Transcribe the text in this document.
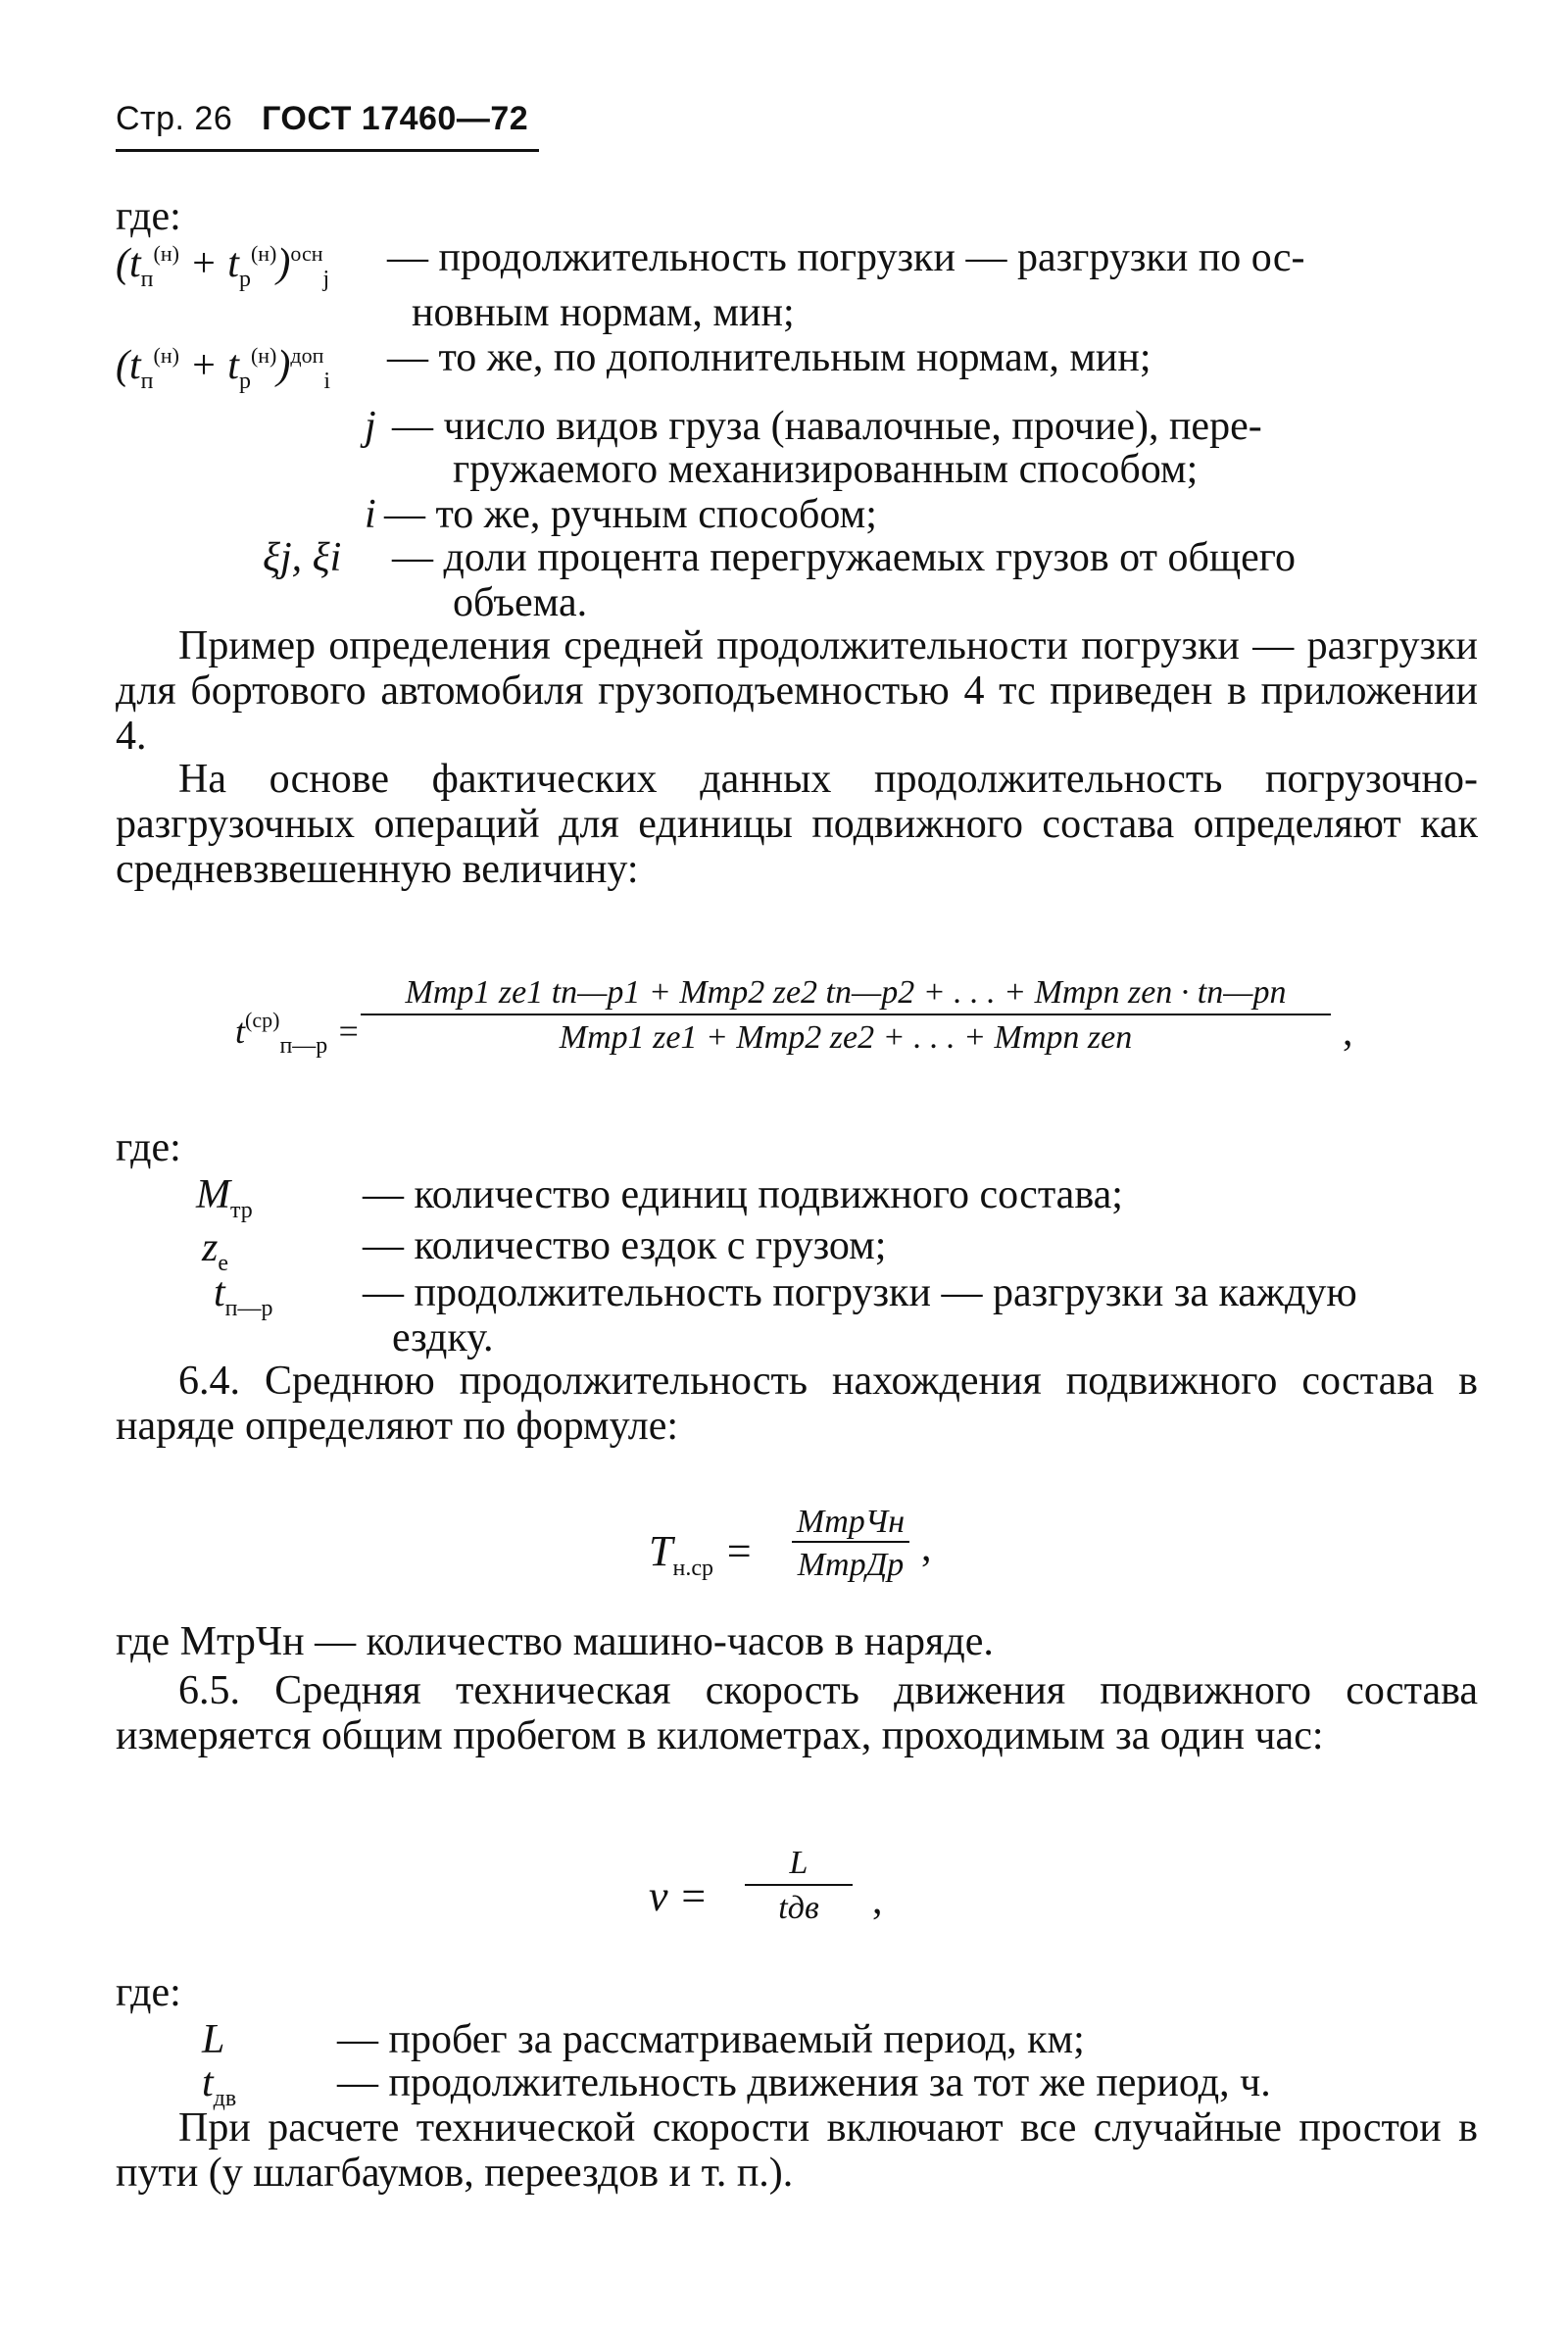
Стр. 26 ГОСТ 17460—72
где:
$(t_п^{(н)} + t_р^{(н)})^{осн}_j$ — продолжительность погрузки — разгрузки по ос-
новным нормам, мин;
$(t_п^{(н)} + t_р^{(н)})^{доп}_i$
— то же, по дополнительным нормам, мин;
j — число видов груза (навалочные, прочие), пере-
гружаемого механизированным способом;
i — то же, ручным способом;
ξj, ξi — доли процента перегружаемых грузов от общего
объема.
Пример определения средней продолжительности погрузки — разгрузки для бортового автомобиля грузоподъемностью 4 тс приведен в приложении 4.
На основе фактических данных продолжительность погрузочно-разгрузочных операций для единицы подвижного состава определяют как средневзвешенную величину:
$t^{(ср)}_{п—р}$ =
Mтр1 ze1 tп—р1 + Mтр2 ze2 tп—р2 + . . . + Mтрn zen · tп—рn
Mтр1 ze1 + Mтр2 ze2 + . . . + Mтрn zen	,
где:
$M_{тр}$	— количество единиц подвижного состава;
$z_е$	— количество ездок с грузом;
$t_{п—р}$ — продолжительность погрузки — разгрузки за каждую
ездку.
6.4. Среднюю продолжительность нахождения подвижного состава в наряде определяют по формуле:
$T_{н.ср}$ =
MтрЧн
MтрДр ,
где MтрЧн — количество машино-часов в наряде.
6.5. Средняя техническая скорость движения подвижного состава измеряется общим пробегом в километрах, проходимым за один час:
v =
L
tдв	,
где:
L	— пробег за рассматриваемый период, км;
$t_{дв}$ — продолжительность движения за тот же период, ч.
При расчете технической скорости включают все случайные простои в пути (у шлагбаумов, переездов и т. п.).
